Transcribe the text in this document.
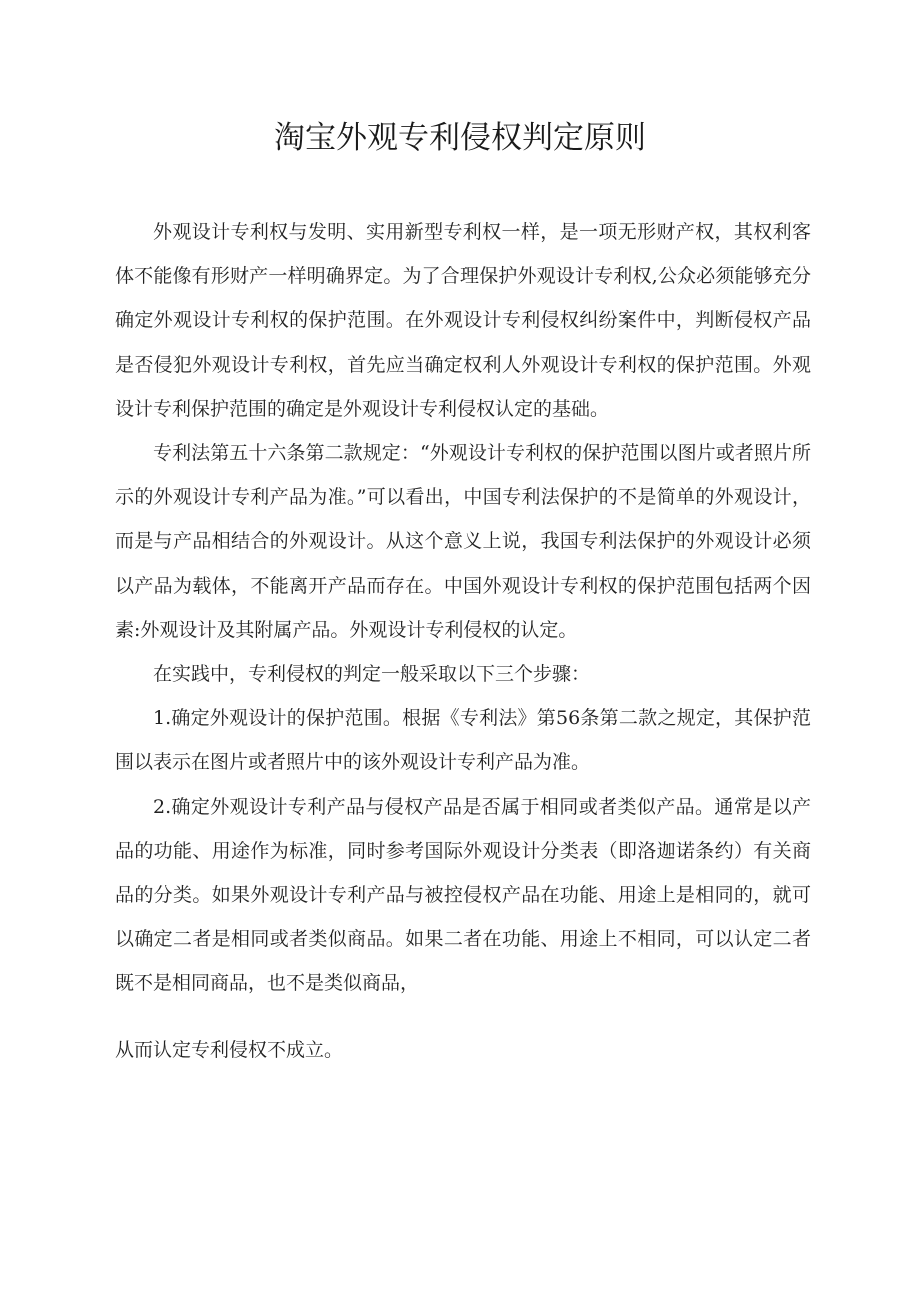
淘宝外观专利侵权判定原则

外观设计专利权与发明、实用新型专利权一样，是一项无形财产权，其权利客体不能像有形财产一样明确界定。为了合理保护外观设计专利权,公众必须能够充分确定外观设计专利权的保护范围。在外观设计专利侵权纠纷案件中，判断侵权产品是否侵犯外观设计专利权，首先应当确定权利人外观设计专利权的保护范围。外观设计专利保护范围的确定是外观设计专利侵权认定的基础。

专利法第五十六条第二款规定：“外观设计专利权的保护范围以图片或者照片所示的外观设计专利产品为准。”可以看出，中国专利法保护的不是简单的外观设计，而是与产品相结合的外观设计。从这个意义上说，我国专利法保护的外观设计必须以产品为载体，不能离开产品而存在。中国外观设计专利权的保护范围包括两个因素:外观设计及其附属产品。外观设计专利侵权的认定。

在实践中，专利侵权的判定一般采取以下三个步骤：

1.确定外观设计的保护范围。根据《专利法》第56条第二款之规定，其保护范围以表示在图片或者照片中的该外观设计专利产品为准。

2.确定外观设计专利产品与侵权产品是否属于相同或者类似产品。通常是以产品的功能、用途作为标准，同时参考国际外观设计分类表（即洛迦诺条约）有关商品的分类。如果外观设计专利产品与被控侵权产品在功能、用途上是相同的，就可以确定二者是相同或者类似商品。如果二者在功能、用途上不相同，可以认定二者既不是相同商品，也不是类似商品，

从而认定专利侵权不成立。
